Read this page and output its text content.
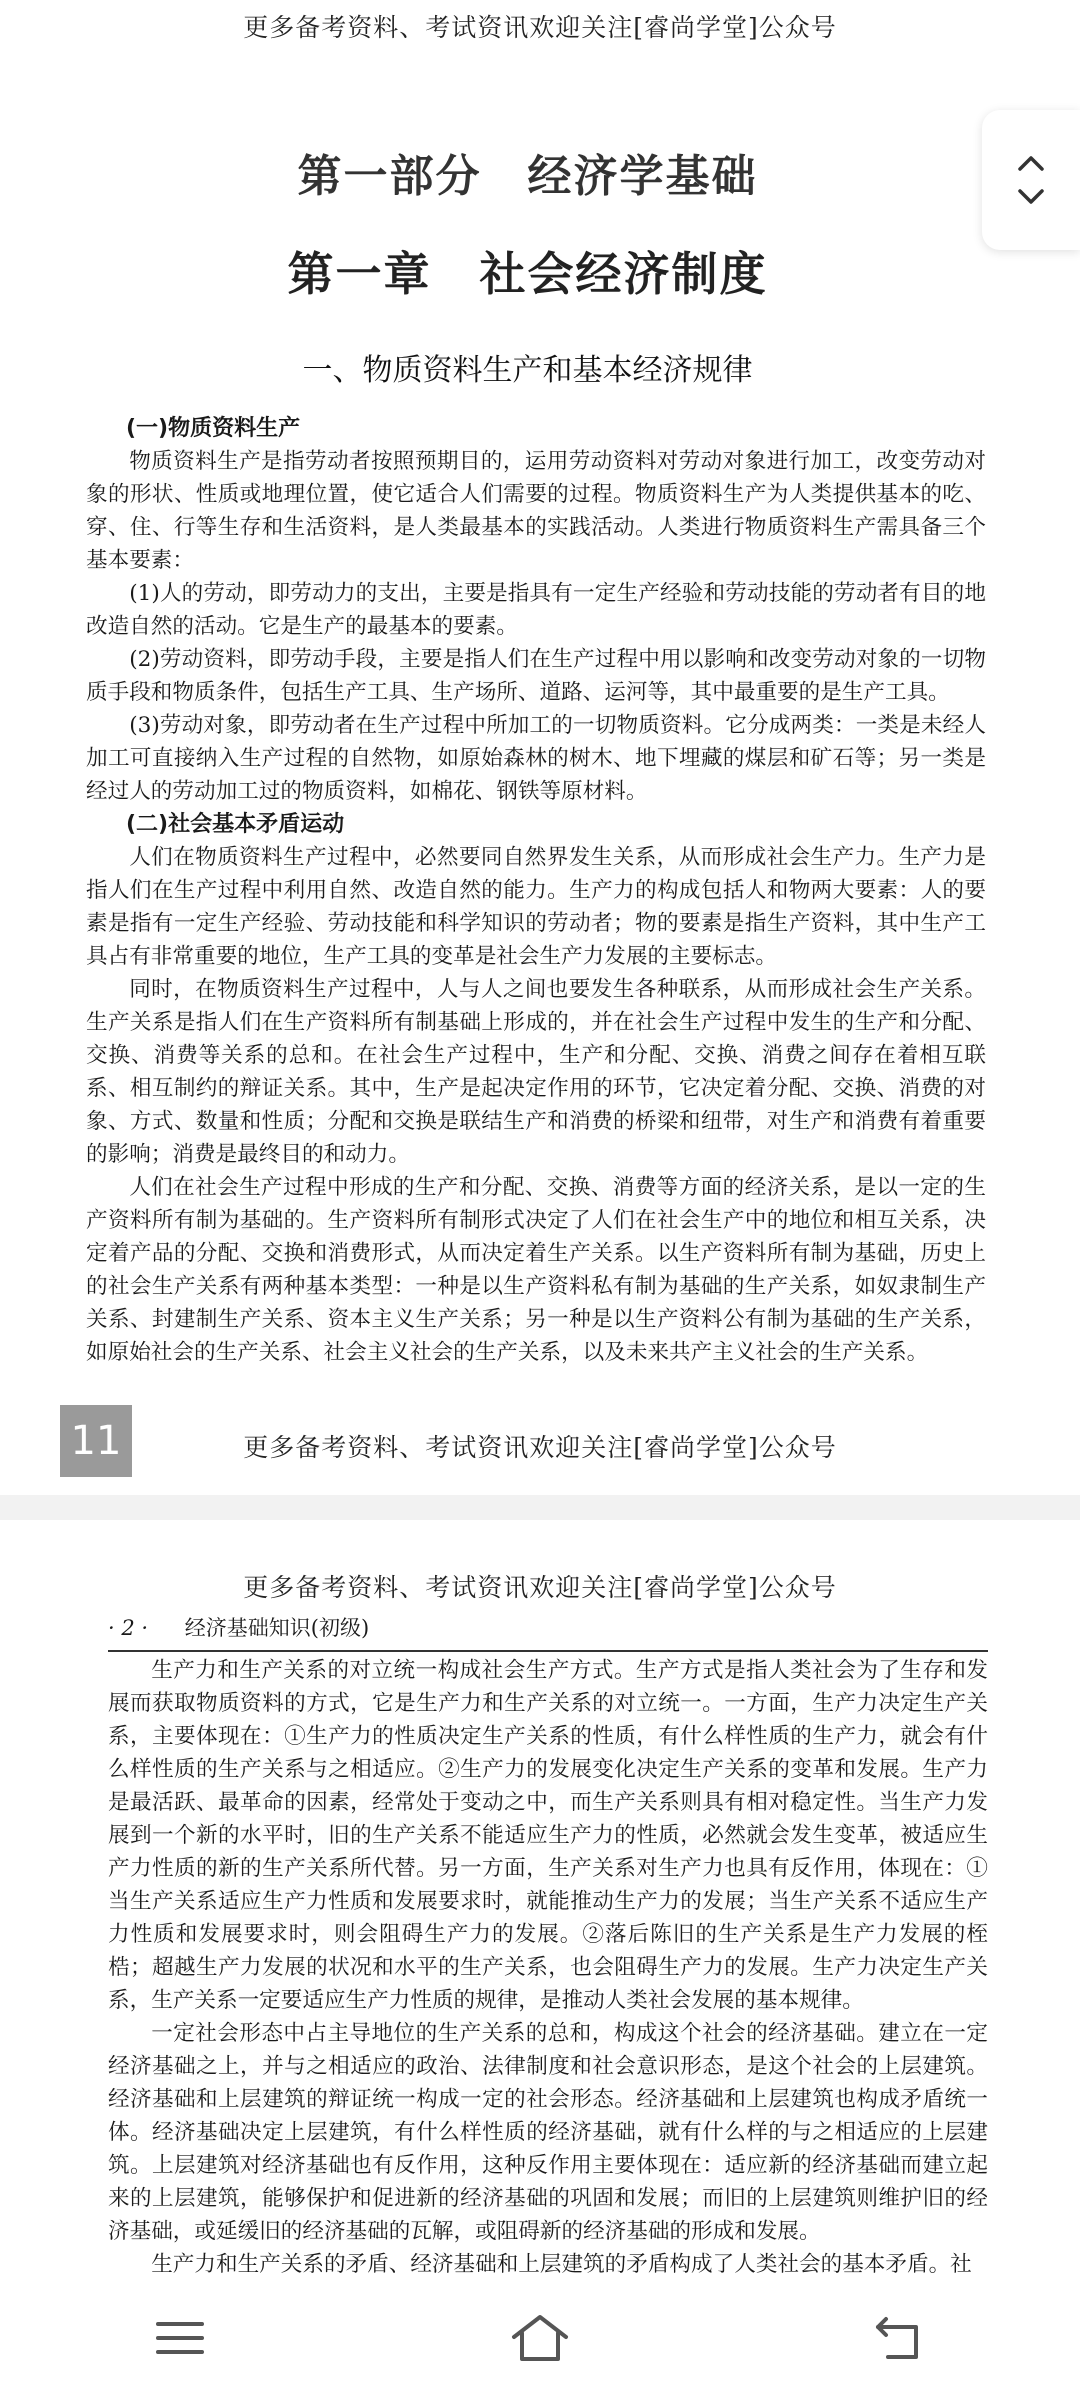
更多备考资料、考试资讯欢迎关注[睿尚学堂]公众号
第一部分　经济学基础
第一章　社会经济制度
一、物质资料生产和基本经济规律
(一)物质资料生产

物质资料生产是指劳动者按照预期目的，运用劳动资料对劳动对象进行加工，改变劳动对象的形状、性质或地理位置，使它适合人们需要的过程。物质资料生产为人类提供基本的吃、穿、住、行等生存和生活资料，是人类最基本的实践活动。人类进行物质资料生产需具备三个基本要素：

(1)人的劳动，即劳动力的支出，主要是指具有一定生产经验和劳动技能的劳动者有目的地改造自然的活动。它是生产的最基本的要素。

(2)劳动资料，即劳动手段，主要是指人们在生产过程中用以影响和改变劳动对象的一切物质手段和物质条件，包括生产工具、生产场所、道路、运河等，其中最重要的是生产工具。

(3)劳动对象，即劳动者在生产过程中所加工的一切物质资料。它分成两类：一类是未经人加工可直接纳入生产过程的自然物，如原始森林的树木、地下埋藏的煤层和矿石等；另一类是经过人的劳动加工过的物质资料，如棉花、钢铁等原材料。

(二)社会基本矛盾运动

人们在物质资料生产过程中，必然要同自然界发生关系，从而形成社会生产力。生产力是指人们在生产过程中利用自然、改造自然的能力。生产力的构成包括人和物两大要素：人的要素是指有一定生产经验、劳动技能和科学知识的劳动者；物的要素是指生产资料，其中生产工具占有非常重要的地位，生产工具的变革是社会生产力发展的主要标志。

同时，在物质资料生产过程中，人与人之间也要发生各种联系，从而形成社会生产关系。生产关系是指人们在生产资料所有制基础上形成的，并在社会生产过程中发生的生产和分配、交换、消费等关系的总和。在社会生产过程中，生产和分配、交换、消费之间存在着相互联系、相互制约的辩证关系。其中，生产是起决定作用的环节，它决定着分配、交换、消费的对象、方式、数量和性质；分配和交换是联结生产和消费的桥梁和纽带，对生产和消费有着重要的影响；消费是最终目的和动力。

人们在社会生产过程中形成的生产和分配、交换、消费等方面的经济关系，是以一定的生产资料所有制为基础的。生产资料所有制形式决定了人们在社会生产中的地位和相互关系，决定着产品的分配、交换和消费形式，从而决定着生产关系。以生产资料所有制为基础，历史上的社会生产关系有两种基本类型：一种是以生产资料私有制为基础的生产关系，如奴隶制生产关系、封建制生产关系、资本主义生产关系；另一种是以生产资料公有制为基础的生产关系，如原始社会的生产关系、社会主义社会的生产关系，以及未来共产主义社会的生产关系。

11	更多备考资料、考试资讯欢迎关注[睿尚学堂]公众号
更多备考资料、考试资讯欢迎关注[睿尚学堂]公众号
· 2 · 经济基础知识(初级)

生产力和生产关系的对立统一构成社会生产方式。生产方式是指人类社会为了生存和发展而获取物质资料的方式，它是生产力和生产关系的对立统一。一方面，生产力决定生产关系，主要体现在：①生产力的性质决定生产关系的性质，有什么样性质的生产力，就会有什么样性质的生产关系与之相适应。②生产力的发展变化决定生产关系的变革和发展。生产力是最活跃、最革命的因素，经常处于变动之中，而生产关系则具有相对稳定性。当生产力发展到一个新的水平时，旧的生产关系不能适应生产力的性质，必然就会发生变革，被适应生产力性质的新的生产关系所代替。另一方面，生产关系对生产力也具有反作用，体现在：①当生产关系适应生产力性质和发展要求时，就能推动生产力的发展；当生产关系不适应生产力性质和发展要求时，则会阻碍生产力的发展。②落后陈旧的生产关系是生产力发展的桎梏；超越生产力发展的状况和水平的生产关系，也会阻碍生产力的发展。生产力决定生产关系，生产关系一定要适应生产力性质的规律，是推动人类社会发展的基本规律。

一定社会形态中占主导地位的生产关系的总和，构成这个社会的经济基础。建立在一定经济基础之上，并与之相适应的政治、法律制度和社会意识形态，是这个社会的上层建筑。经济基础和上层建筑的辩证统一构成一定的社会形态。经济基础和上层建筑也构成矛盾统一体。经济基础决定上层建筑，有什么样性质的经济基础，就有什么样的与之相适应的上层建筑。上层建筑对经济基础也有反作用，这种反作用主要体现在：适应新的经济基础而建立起来的上层建筑，能够保护和促进新的经济基础的巩固和发展；而旧的上层建筑则维护旧的经济基础，或延缓旧的经济基础的瓦解，或阻碍新的经济基础的形成和发展。

生产力和生产关系的矛盾、经济基础和上层建筑的矛盾构成了人类社会的基本矛盾。社
